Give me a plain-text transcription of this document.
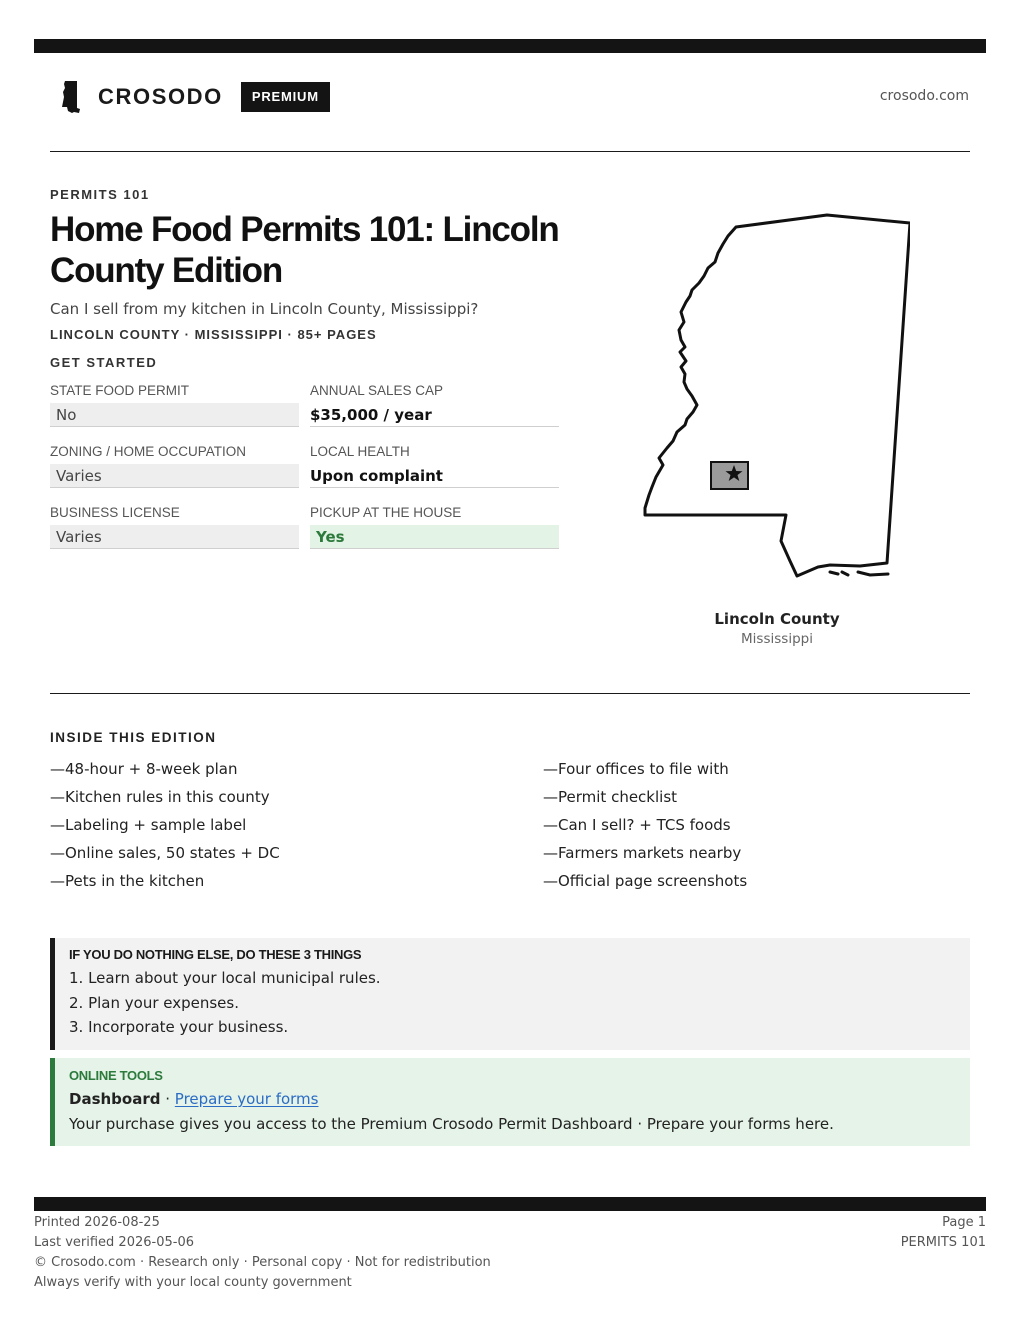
CROSODO	PREMIUM	crosodo.com
PERMITS 101
Home Food Permits 101: Lincoln County Edition
Can I sell from my kitchen in Lincoln County, Mississippi?
LINCOLN COUNTY · MISSISSIPPI · 85+ PAGES
GET STARTED
STATE FOOD PERMIT
No
ANNUAL SALES CAP
$35,000 / year
ZONING / HOME OCCUPATION
Varies
LOCAL HEALTH
Upon complaint
BUSINESS LICENSE
Varies
PICKUP AT THE HOUSE
Yes
Lincoln County
Mississippi
INSIDE THIS EDITION
—48-hour + 8-week plan
—Kitchen rules in this county
—Labeling + sample label
—Online sales, 50 states + DC
—Pets in the kitchen
—Four offices to file with
—Permit checklist
—Can I sell? + TCS foods
—Farmers markets nearby
—Official page screenshots
IF YOU DO NOTHING ELSE, DO THESE 3 THINGS
1. Learn about your local municipal rules.
2. Plan your expenses.
3. Incorporate your business.
ONLINE TOOLS
Dashboard · Prepare your forms
Your purchase gives you access to the Premium Crosodo Permit Dashboard · Prepare your forms here.
Printed 2026-08-25
Last verified 2026-05-06
© Crosodo.com · Research only · Personal copy · Not for redistribution
Always verify with your local county government
Page 1
PERMITS 101
